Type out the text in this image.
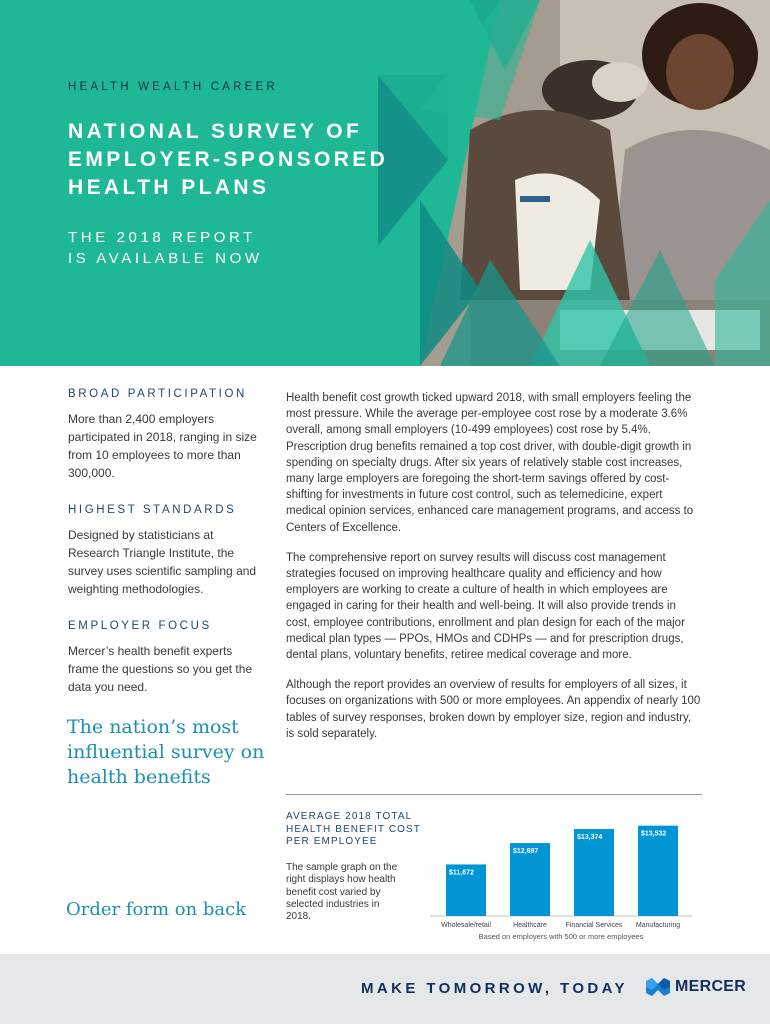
HEALTH WEALTH CAREER
NATIONAL SURVEY OF
EMPLOYER-SPONSORED
HEALTH PLANS
THE 2018 REPORT
IS AVAILABLE NOW
BROAD PARTICIPATION
More than 2,400 employers participated in 2018, ranging in size from 10 employees to more than 300,000.
HIGHEST STANDARDS
Designed by statisticians at Research Triangle Institute, the survey uses scientific sampling and weighting methodologies.
EMPLOYER FOCUS
Mercer’s health benefit experts frame the questions so you get the data you need.
The nation’s most influential survey on health benefits
Order form on back

Health benefit cost growth ticked upward 2018, with small employers feeling the most pressure. While the average per-employee cost rose by a moderate 3.6% overall, among small employers (10-499 employees) cost rose by 5.4%. Prescription drug benefits remained a top cost driver, with double-digit growth in spending on specialty drugs. After six years of relatively stable cost increases, many large employers are foregoing the short-term savings offered by cost-shifting for investments in future cost control, such as telemedicine, expert medical opinion services, enhanced care management programs, and access to Centers of Excellence.

The comprehensive report on survey results will discuss cost management strategies focused on improving healthcare quality and efficiency and how employers are working to create a culture of health in which employees are engaged in caring for their health and well-being. It will also provide trends in cost, employee contributions, enrollment and plan design for each of the major medical plan types — PPOs, HMOs and CDHPs — and for prescription drugs, dental plans, voluntary benefits, retiree medical coverage and more.

Although the report provides an overview of results for employers of all sizes, it focuses on organizations with 500 or more employees. An appendix of nearly 100 tables of survey responses, broken down by employer size, region and industry, is sold separately.

AVERAGE 2018 TOTAL HEALTH BENEFIT COST PER EMPLOYEE
The sample graph on the right displays how health benefit cost varied by selected industries in 2018.
$11,672
Wholesale/retail
$12,697
Healthcare
$13,374
Financial Services
$13,532
Manufacturing
Based on employers with 500 or more employees
MAKE TOMORROW, TODAY	MERCER
